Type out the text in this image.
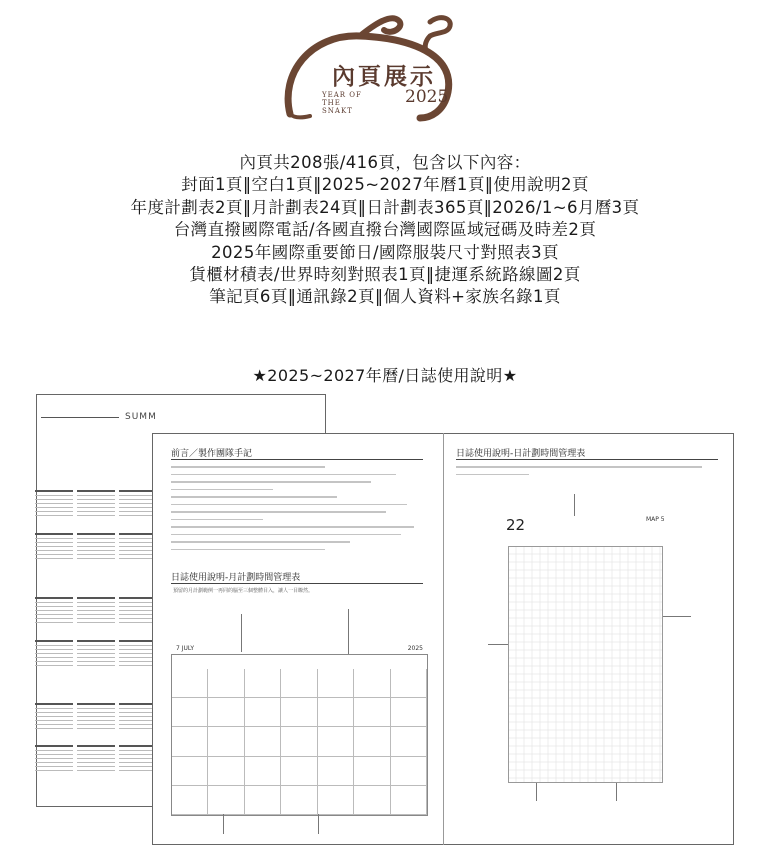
內頁展示
YEAR OF THE
SNAKT
2025
內頁共208張/416頁，包含以下內容：
封面1頁‖空白1頁‖2025~2027年曆1頁‖使用說明2頁
年度計劃表2頁‖月計劃表24頁‖日計劃表365頁‖2026/1~6月曆3頁
台灣直撥國際電話/各國直撥台灣國際區域冠碼及時差2頁
2025年國際重要節日/國際服裝尺寸對照表3頁
貨櫃材積表/世界時刻對照表1頁‖捷運系統路線圖2頁
筆記頁6頁‖通訊錄2頁‖個人資料+家族名錄1頁
★2025~2027年曆/日誌使用說明★
SUMM
前言／製作團隊手記
日誌使用說明-月計劃時間管理表
預留的月計劃範例一再同的腦至三個整體目入，讓人一目瞭然。
7 JULY	2025
日誌使用說明-日計劃時間管理表
22	MAP 5
